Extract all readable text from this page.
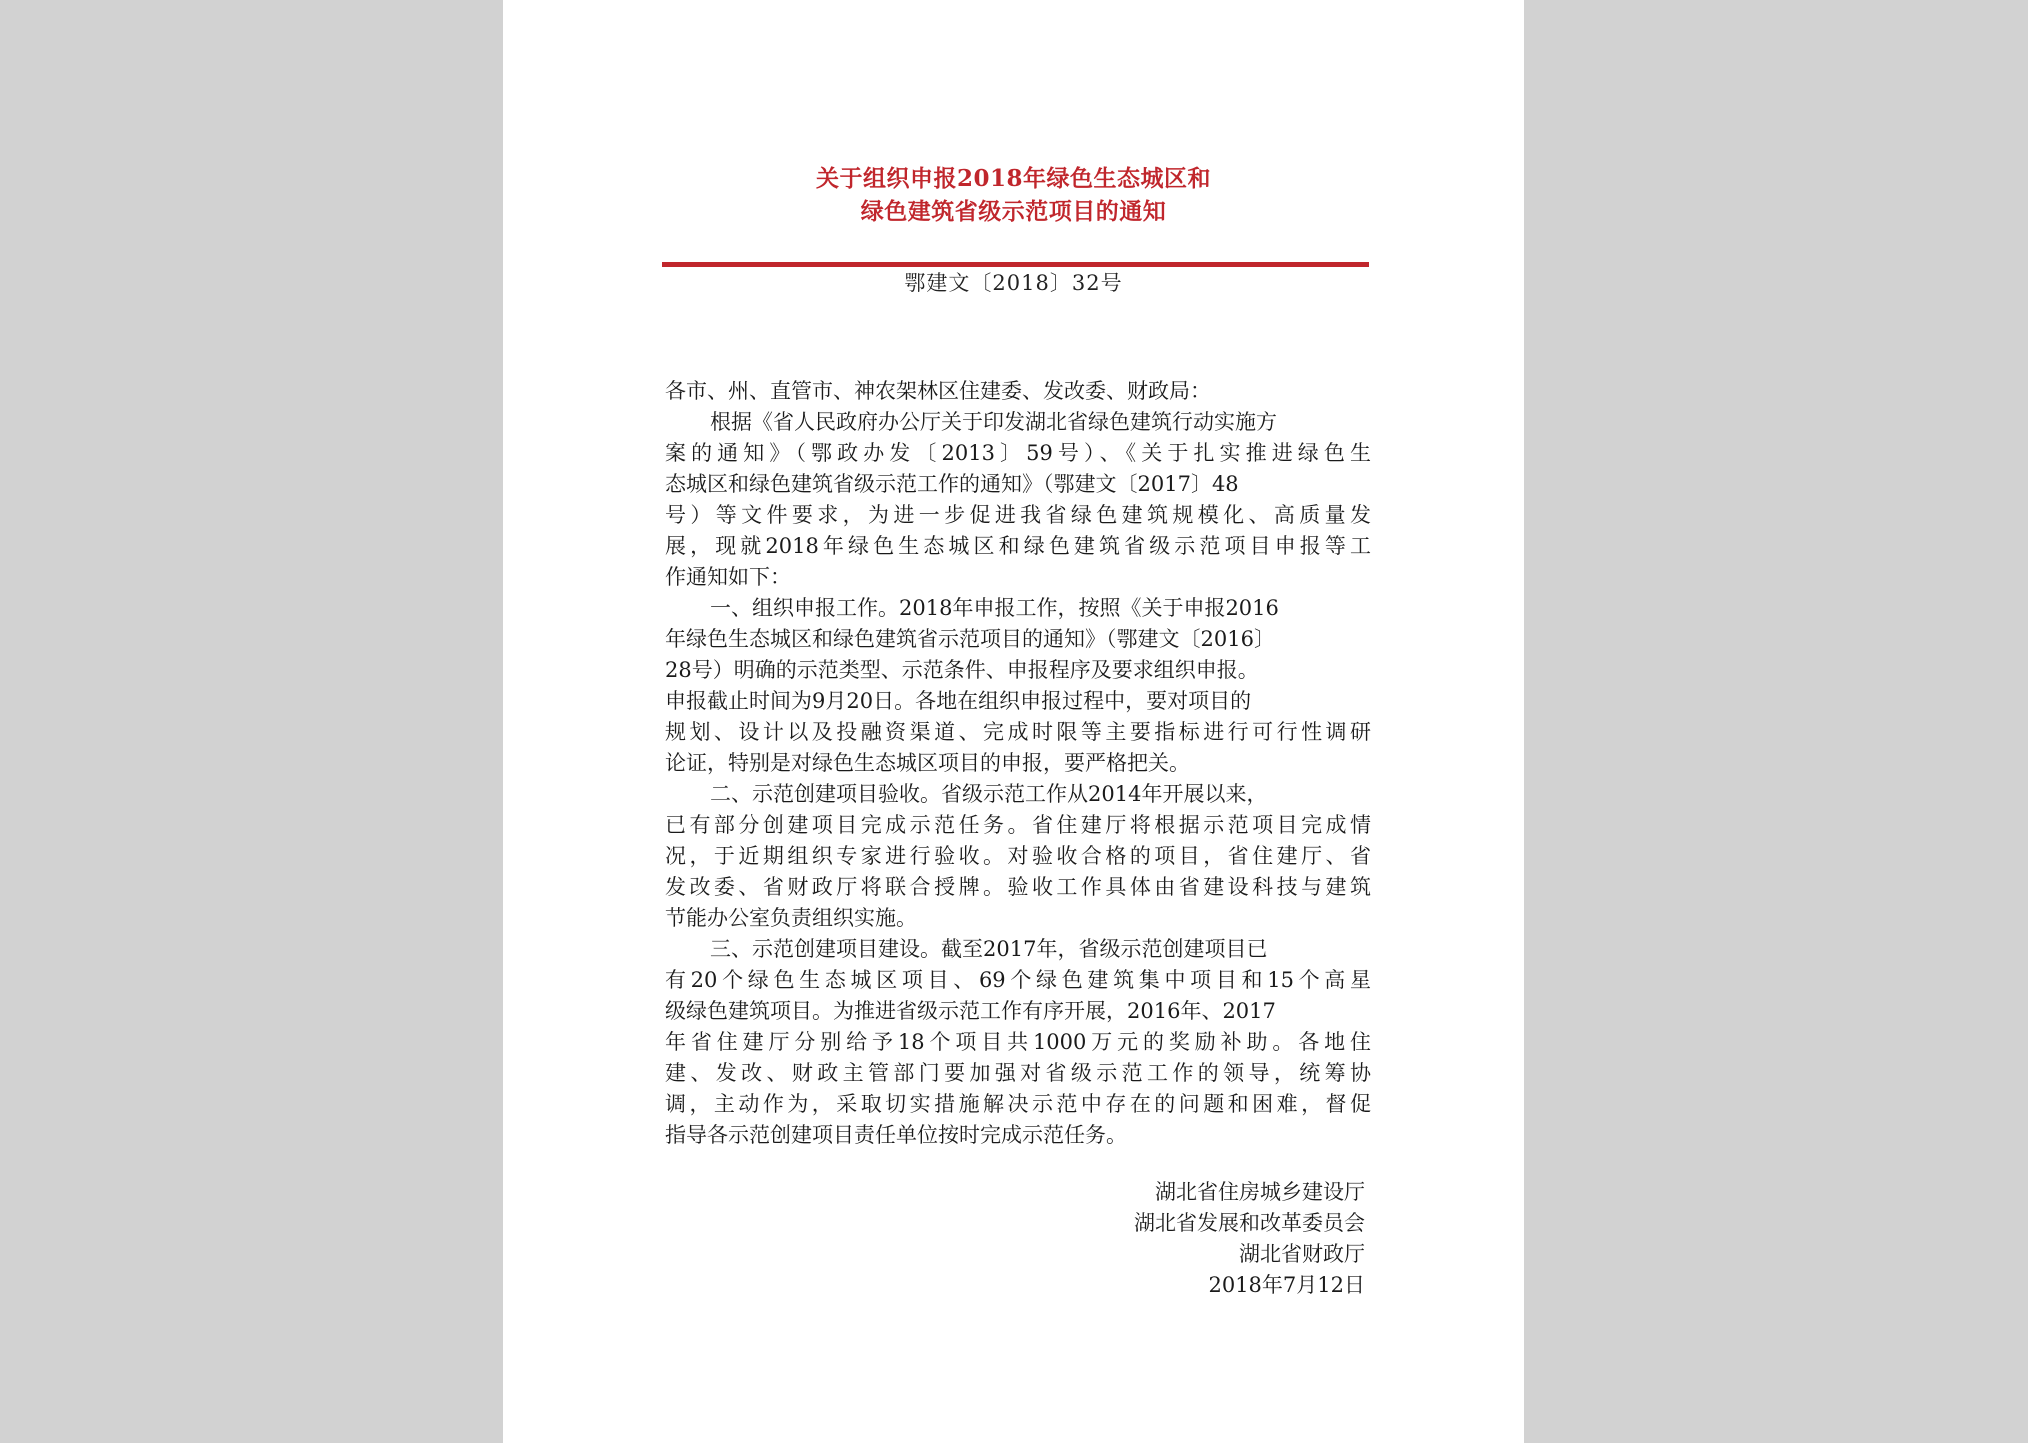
关于组织申报2018年绿色生态城区和
绿色建筑省级示范项目的通知
鄂建文〔2018〕32号
各市、州、直管市、神农架林区住建委、发改委、财政局：
根据《省人民政府办公厅关于印发湖北省绿色建筑行动实施方
案的通知》（鄂政办发〔2013〕59号）、《关于扎实推进绿色生
态城区和绿色建筑省级示范工作的通知》（鄂建文〔2017〕48
号）等文件要求，为进一步促进我省绿色建筑规模化、高质量发
展，现就2018年绿色生态城区和绿色建筑省级示范项目申报等工
作通知如下：
一、组织申报工作。2018年申报工作，按照《关于申报2016
年绿色生态城区和绿色建筑省示范项目的通知》（鄂建文〔2016〕
28号）明确的示范类型、示范条件、申报程序及要求组织申报。
申报截止时间为9月20日。各地在组织申报过程中，要对项目的
规划、设计以及投融资渠道、完成时限等主要指标进行可行性调研
论证，特别是对绿色生态城区项目的申报，要严格把关。
二、示范创建项目验收。省级示范工作从2014年开展以来，
已有部分创建项目完成示范任务。省住建厅将根据示范项目完成情
况，于近期组织专家进行验收。对验收合格的项目，省住建厅、省
发改委、省财政厅将联合授牌。验收工作具体由省建设科技与建筑
节能办公室负责组织实施。
三、示范创建项目建设。截至2017年，省级示范创建项目已
有20个绿色生态城区项目、69个绿色建筑集中项目和15个高星
级绿色建筑项目。为推进省级示范工作有序开展，2016年、2017
年省住建厅分别给予18个项目共1000万元的奖励补助。各地住
建、发改、财政主管部门要加强对省级示范工作的领导，统筹协
调，主动作为，采取切实措施解决示范中存在的问题和困难，督促
指导各示范创建项目责任单位按时完成示范任务。
湖北省住房城乡建设厅
湖北省发展和改革委员会
湖北省财政厅
2018年7月12日
